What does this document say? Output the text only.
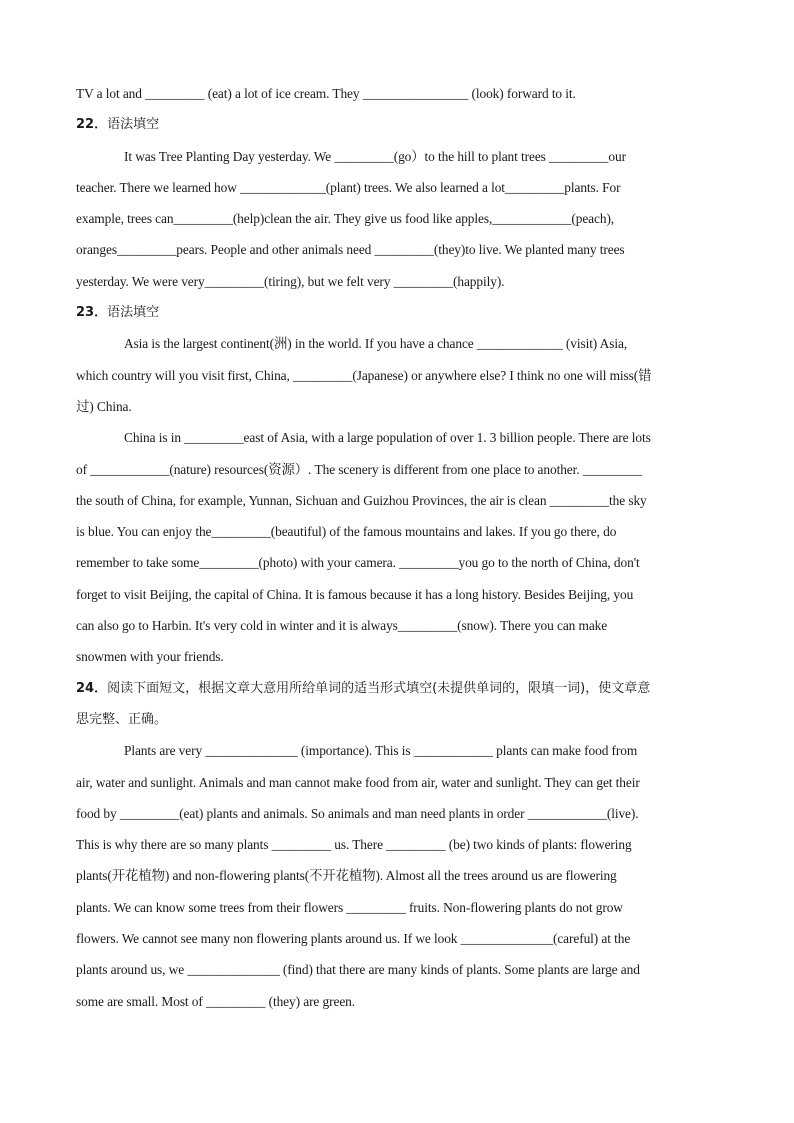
TV a lot and _________ (eat) a lot of ice cream. They ________________ (look) forward to it.
22．语法填空
It was Tree Planting Day yesterday. We _________(go）to the hill to plant trees _________our
teacher. There we learned how _____________(plant) trees. We also learned a lot_________plants. For
example, trees can_________(help)clean the air. They give us food like apples,____________(peach),
oranges_________pears. People and other animals need _________(they)to live. We planted many trees
yesterday. We were very_________(tiring), but we felt very _________(happily).
23．语法填空
Asia is the largest continent(洲) in the world. If you have a chance _____________ (visit) Asia,
which country will you visit first, China, _________(Japanese) or anywhere else? I think no one will miss(错
过) China.
China is in _________east of Asia, with a large population of over 1. 3 billion people. There are lots
of ____________(nature) resources(资源）. The scenery is different from one place to another. _________
the south of China, for example, Yunnan, Sichuan and Guizhou Provinces, the air is clean _________the sky
is blue. You can enjoy the_________(beautiful) of the famous mountains and lakes. If you go there, do
remember to take some_________(photo) with your camera. _________you go to the north of China, don't
forget to visit Beijing, the capital of China. It is famous because it has a long history. Besides Beijing, you
can also go to Harbin. It's very cold in winter and it is always_________(snow). There you can make
snowmen with your friends.
24．阅读下面短文，根据文章大意用所给单词的适当形式填空(未提供单词的，限填一词)，使文章意
思完整、正确。
Plants are very ______________ (importance). This is ____________ plants can make food from
air, water and sunlight. Animals and man cannot make food from air, water and sunlight. They can get their
food by _________(eat) plants and animals. So animals and man need plants in order ____________(live).
This is why there are so many plants _________ us. There _________ (be) two kinds of plants: flowering
plants(开花植物) and non-flowering plants(不开花植物). Almost all the trees around us are flowering
plants. We can know some trees from their flowers _________ fruits. Non-flowering plants do not grow
flowers. We cannot see many non flowering plants around us. If we look ______________(careful) at the
plants around us, we ______________ (find) that there are many kinds of plants. Some plants are large and
some are small. Most of _________ (they) are green.
